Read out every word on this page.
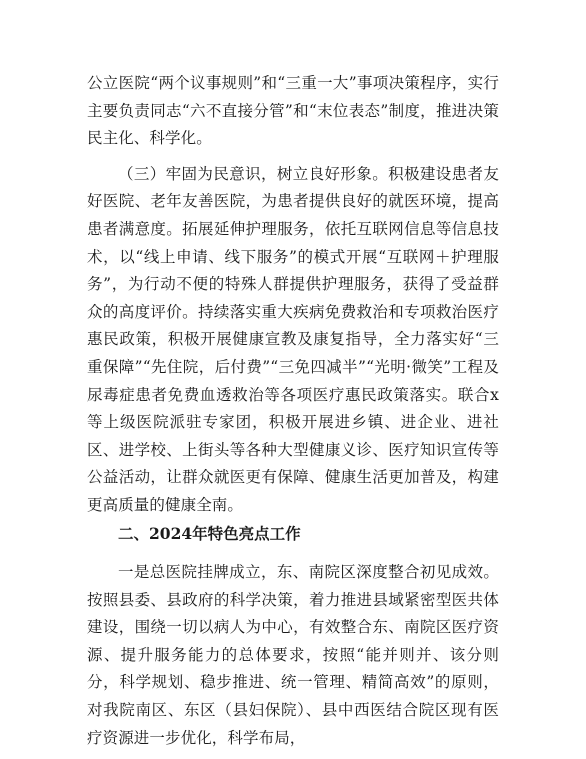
公立医院“两个议事规则”和“三重一大”事项决策程序，实行主要负责同志“六不直接分管”和“末位表态”制度，推进决策民主化、科学化。

（三）牢固为民意识，树立良好形象。积极建设患者友好医院、老年友善医院，为患者提供良好的就医环境，提高患者满意度。拓展延伸护理服务，依托互联网信息等信息技术，以“线上申请、线下服务”的模式开展“互联网＋护理服务”，为行动不便的特殊人群提供护理服务，获得了受益群众的高度评价。持续落实重大疾病免费救治和专项救治医疗惠民政策，积极开展健康宣教及康复指导，全力落实好“三重保障”“先住院，后付费”“三免四减半”“光明·微笑”工程及尿毒症患者免费血透救治等各项医疗惠民政策落实。联合x等上级医院派驻专家团，积极开展进乡镇、进企业、进社区、进学校、上街头等各种大型健康义诊、医疗知识宣传等公益活动，让群众就医更有保障、健康生活更加普及，构建更高质量的健康全南。

二、2024年特色亮点工作

一是总医院挂牌成立，东、南院区深度整合初见成效。按照县委、县政府的科学决策，着力推进县域紧密型医共体建设，围绕一切以病人为中心，有效整合东、南院区医疗资源、提升服务能力的总体要求，按照“能并则并、该分则分，科学规划、稳步推进、统一管理、精简高效”的原则，对我院南区、东区（县妇保院）、县中西医结合院区现有医疗资源进一步优化，科学布局，
